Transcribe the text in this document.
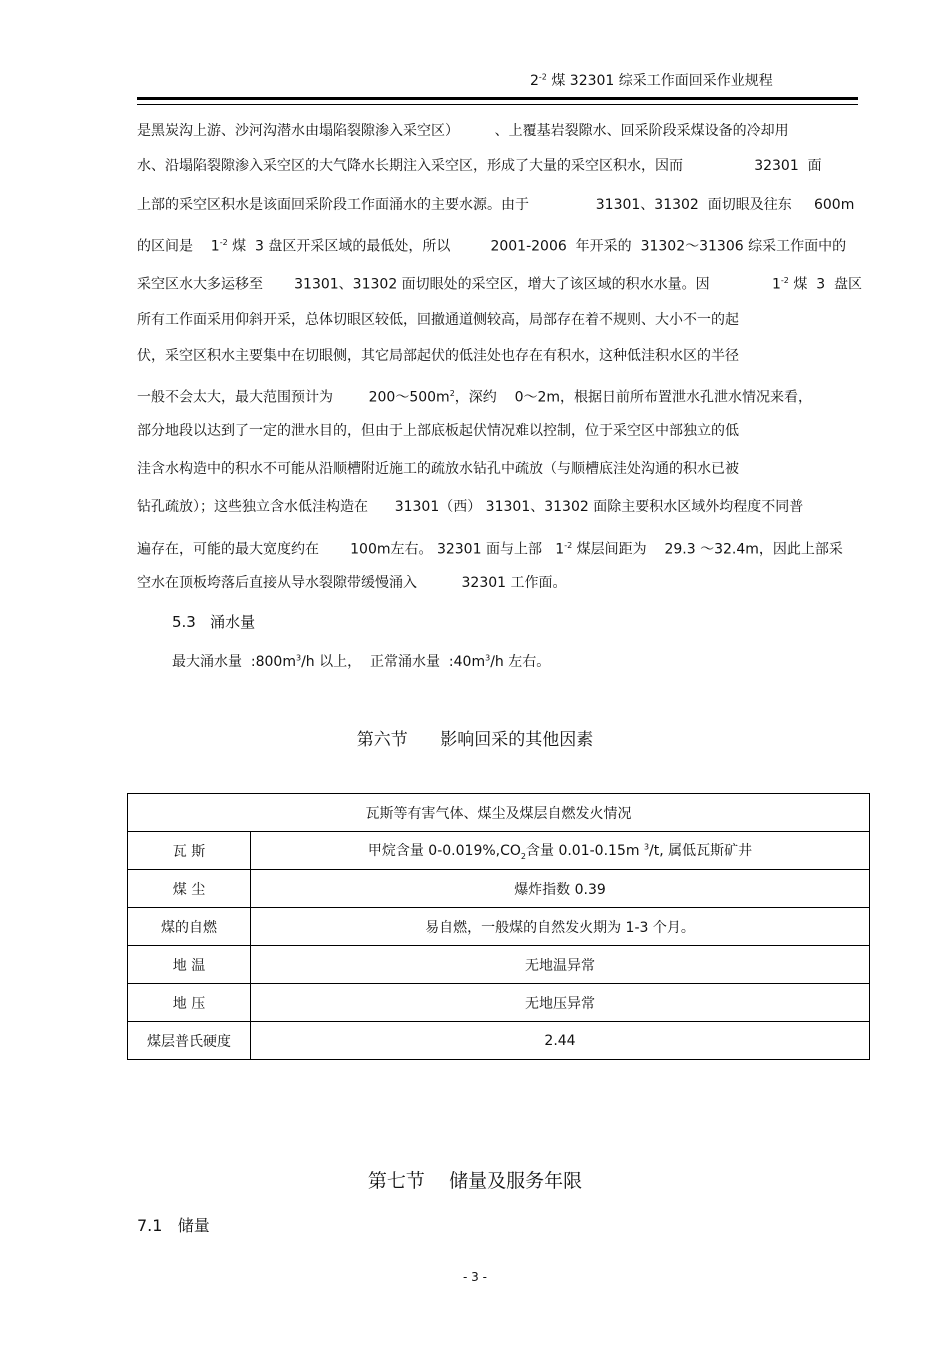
$2^{-2}$ 煤 32301 综采工作面回采作业规程
是黑炭沟上游、沙河沟潜水由塌陷裂隙渗入采空区）        、上覆基岩裂隙水、回采阶段采煤设备的冷却用
水、沿塌陷裂隙渗入采空区的大气降水长期注入采空区，形成了大量的采空区积水，因而                32301  面
上部的采空区积水是该面回采阶段工作面涌水的主要水源。由于               31301、31302  面切眼及往东     600m
的区间是    $1^{-2}$ 煤  3 盘区开采区域的最低处，所以         2001-2006  年开采的  31302～31306 综采工作面中的
采空区水大多运移至       31301、31302 面切眼处的采空区，增大了该区域的积水水量。因              $1^{-2}$ 煤  3  盘区
所有工作面采用仰斜开采，总体切眼区较低，回撤通道侧较高，局部存在着不规则、大小不一的起
伏，采空区积水主要集中在切眼侧，其它局部起伏的低洼处也存在有积水，这种低洼积水区的半径
一般不会太大，最大范围预计为        $200\sim 500m^2$，深约    0～2m，根据日前所布置泄水孔泄水情况来看，
部分地段以达到了一定的泄水目的，但由于上部底板起伏情况难以控制，位于采空区中部独立的低
洼含水构造中的积水不可能从沿顺槽附近施工的疏放水钻孔中疏放（与顺槽底洼处沟通的积水已被
钻孔疏放）；这些独立含水低洼构造在      31301（西） 31301、31302 面除主要积水区域外均程度不同普
遍存在，可能的最大宽度约在       100m左右。 32301 面与上部   $1^{-2}$ 煤层间距为    29.3 ～32.4m，因此上部采
空水在顶板垮落后直接从导水裂隙带缓慢涌入          32301 工作面。
5.3   涌水量
最大涌水量  $:800m^3/h$ 以上，  正常涌水量  $:40m^3/h$ 左右。
第六节      影响回采的其他因素
瓦斯等有害气体、煤尘及煤层自燃发火情况	
瓦 斯	甲烷含量 $0-0.019\%,CO_2$含量 0.01-0.15m $^3$/t, 属低瓦斯矿井
煤 尘	爆炸指数 0.39
煤的自燃	易自燃，一般煤的自然发火期为 1-3 个月。
地 温	无地温异常
地 压	无地压异常
煤层普氏硬度	2.44
第七节    储量及服务年限
7.1   储量
- 3 -
